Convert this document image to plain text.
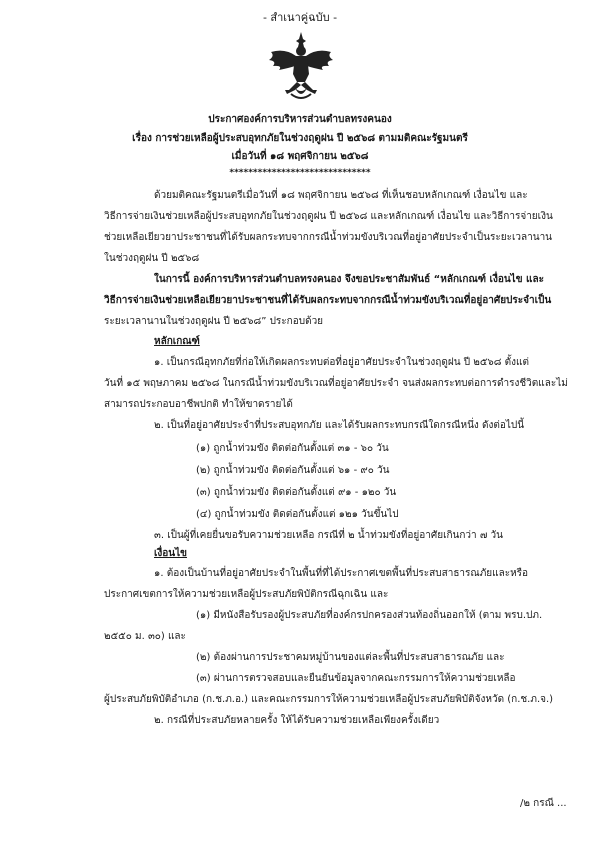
- สำเนาคู่ฉบับ -
ประกาศองค์การบริหารส่วนตำบลทรงคนอง
เรื่อง การช่วยเหลือผู้ประสบอุทกภัยในช่วงฤดูฝน ปี ๒๕๖๘ ตามมติคณะรัฐมนตรี
เมื่อวันที่ ๑๘ พฤศจิกายน ๒๕๖๘
******************************
ด้วยมติคณะรัฐมนตรีเมื่อวันที่ ๑๘ พฤศจิกายน ๒๕๖๘ ที่เห็นชอบหลักเกณฑ์ เงื่อนไข และ
วิธีการจ่ายเงินช่วยเหลือผู้ประสบอุทกภัยในช่วงฤดูฝน ปี ๒๕๖๘ และหลักเกณฑ์ เงื่อนไข และวิธีการจ่ายเงิน
ช่วยเหลือเยียวยาประชาชนที่ได้รับผลกระทบจากกรณีน้ำท่วมขังบริเวณที่อยู่อาศัยประจำเป็นระยะเวลานาน
ในช่วงฤดูฝน ปี ๒๕๖๘
ในการนี้ องค์การบริหารส่วนตำบลทรงคนอง จึงขอประชาสัมพันธ์ “หลักเกณฑ์ เงื่อนไข และ
วิธีการจ่ายเงินช่วยเหลือเยียวยาประชาชนที่ได้รับผลกระทบจากกรณีน้ำท่วมขังบริเวณที่อยู่อาศัยประจำเป็น
ระยะเวลานานในช่วงฤดูฝน ปี ๒๕๖๘” ประกอบด้วย
หลักเกณฑ์
๑. เป็นกรณีอุทกภัยที่ก่อให้เกิดผลกระทบต่อที่อยู่อาศัยประจำในช่วงฤดูฝน ปี ๒๕๖๘ ตั้งแต่
วันที่ ๑๕ พฤษภาคม ๒๕๖๘ ในกรณีน้ำท่วมขังบริเวณที่อยู่อาศัยประจำ จนส่งผลกระทบต่อการดำรงชีวิตและไม่
สามารถประกอบอาชีพปกติ ทำให้ขาดรายได้
๒. เป็นที่อยู่อาศัยประจำที่ประสบอุทกภัย และได้รับผลกระทบกรณีใดกรณีหนึ่ง ดังต่อไปนี้
(๑) ถูกน้ำท่วมขัง ติดต่อกันตั้งแต่ ๓๑ - ๖๐ วัน
(๒) ถูกน้ำท่วมขัง ติดต่อกันตั้งแต่ ๖๑ - ๙๐ วัน
(๓) ถูกน้ำท่วมขัง ติดต่อกันตั้งแต่ ๙๑ - ๑๒๐ วัน
(๔) ถูกน้ำท่วมขัง ติดต่อกันตั้งแต่ ๑๒๑ วันขึ้นไป
๓. เป็นผู้ที่เคยยื่นขอรับความช่วยเหลือ กรณีที่ ๒ น้ำท่วมขังที่อยู่อาศัยเกินกว่า ๗ วัน
เงื่อนไข
๑. ต้องเป็นบ้านที่อยู่อาศัยประจำในพื้นที่ที่ได้ประกาศเขตพื้นที่ประสบสาธารณภัยและหรือ
ประกาศเขตการให้ความช่วยเหลือผู้ประสบภัยพิบัติกรณีฉุกเฉิน และ
(๑) มีหนังสือรับรองผู้ประสบภัยที่องค์กรปกครองส่วนท้องถิ่นออกให้ (ตาม พรบ.ปภ.
๒๕๕๐ ม. ๓๐) และ
(๒) ต้องผ่านการประชาคมหมู่บ้านของแต่ละพื้นที่ประสบสาธารณภัย และ
(๓) ผ่านการตรวจสอบและยืนยันข้อมูลจากคณะกรรมการให้ความช่วยเหลือ
ผู้ประสบภัยพิบัติอำเภอ (ก.ช.ภ.อ.) และคณะกรรมการให้ความช่วยเหลือผู้ประสบภัยพิบัติจังหวัด (ก.ช.ภ.จ.)
๒. กรณีที่ประสบภัยหลายครั้ง ให้ได้รับความช่วยเหลือเพียงครั้งเดียว
/๒ กรณี ...
